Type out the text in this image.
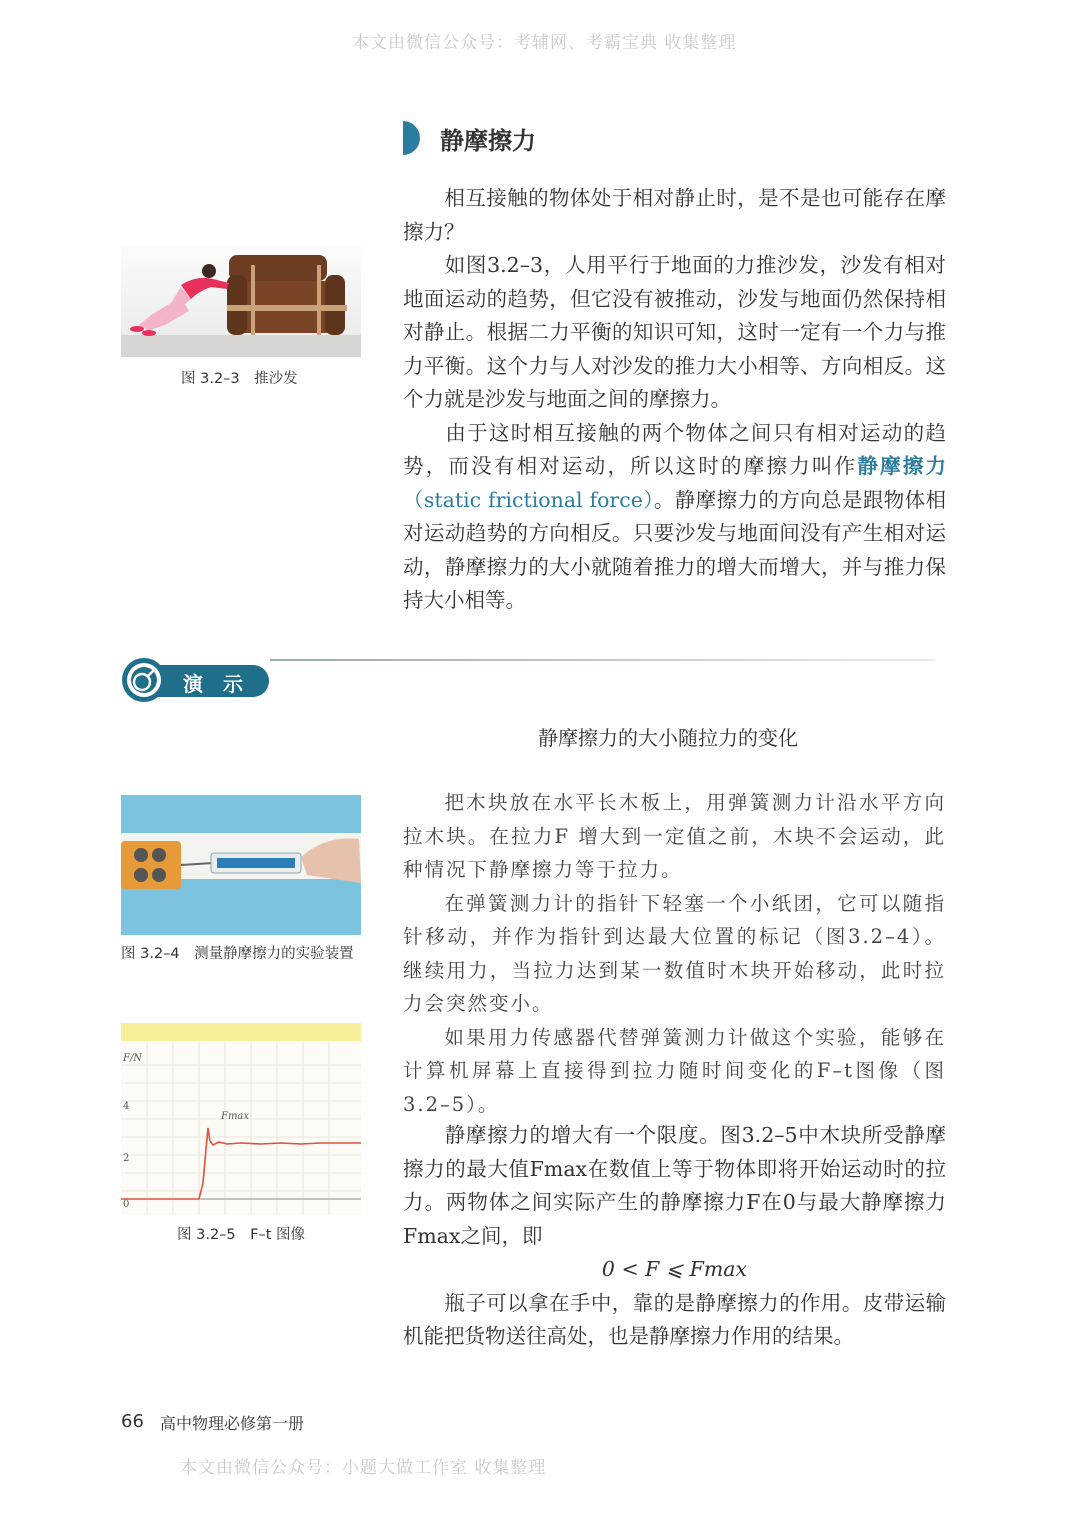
本文由微信公众号：考辅网、考霸宝典 收集整理
静摩擦力
相互接触的物体处于相对静止时，是不是也可能存在摩擦力？
如图3.2–3，人用平行于地面的力推沙发，沙发有相对地面运动的趋势，但它没有被推动，沙发与地面仍然保持相对静止。根据二力平衡的知识可知，这时一定有一个力与推力平衡。这个力与人对沙发的推力大小相等、方向相反。这个力就是沙发与地面之间的摩擦力。
由于这时相互接触的两个物体之间只有相对运动的趋势，而没有相对运动，所以这时的摩擦力叫作静摩擦力（static frictional force）。静摩擦力的方向总是跟物体相对运动趋势的方向相反。只要沙发与地面间没有产生相对运动，静摩擦力的大小就随着推力的增大而增大，并与推力保持大小相等。
图 3.2–3　推沙发
演　示
静摩擦力的大小随拉力的变化

把木块放在水平长木板上，用弹簧测力计沿水平方向拉木块。在拉力F 增大到一定值之前，木块不会运动，此种情况下静摩擦力等于拉力。

在弹簧测力计的指针下轻塞一个小纸团，它可以随指针移动，并作为指针到达最大位置的标记（图3.2–4）。继续用力，当拉力达到某一数值时木块开始移动，此时拉力会突然变小。

如果用力传感器代替弹簧测力计做这个实验，能够在计算机屏幕上直接得到拉力随时间变化的F–t图像（图3.2–5）。

图 3.2–4　测量静摩擦力的实验装置
F/N
4
2
0
Fmax
图 3.2–5　F–t 图像
静摩擦力的增大有一个限度。图3.2–5中木块所受静摩擦力的最大值Fmax在数值上等于物体即将开始运动时的拉力。两物体之间实际产生的静摩擦力F在0与最大静摩擦力Fmax之间，即
0 < F ⩽ Fmax
瓶子可以拿在手中，靠的是静摩擦力的作用。皮带运输机能把货物送往高处，也是静摩擦力作用的结果。
66 高中物理必修第一册
本文由微信公众号：小题大做工作室 收集整理
